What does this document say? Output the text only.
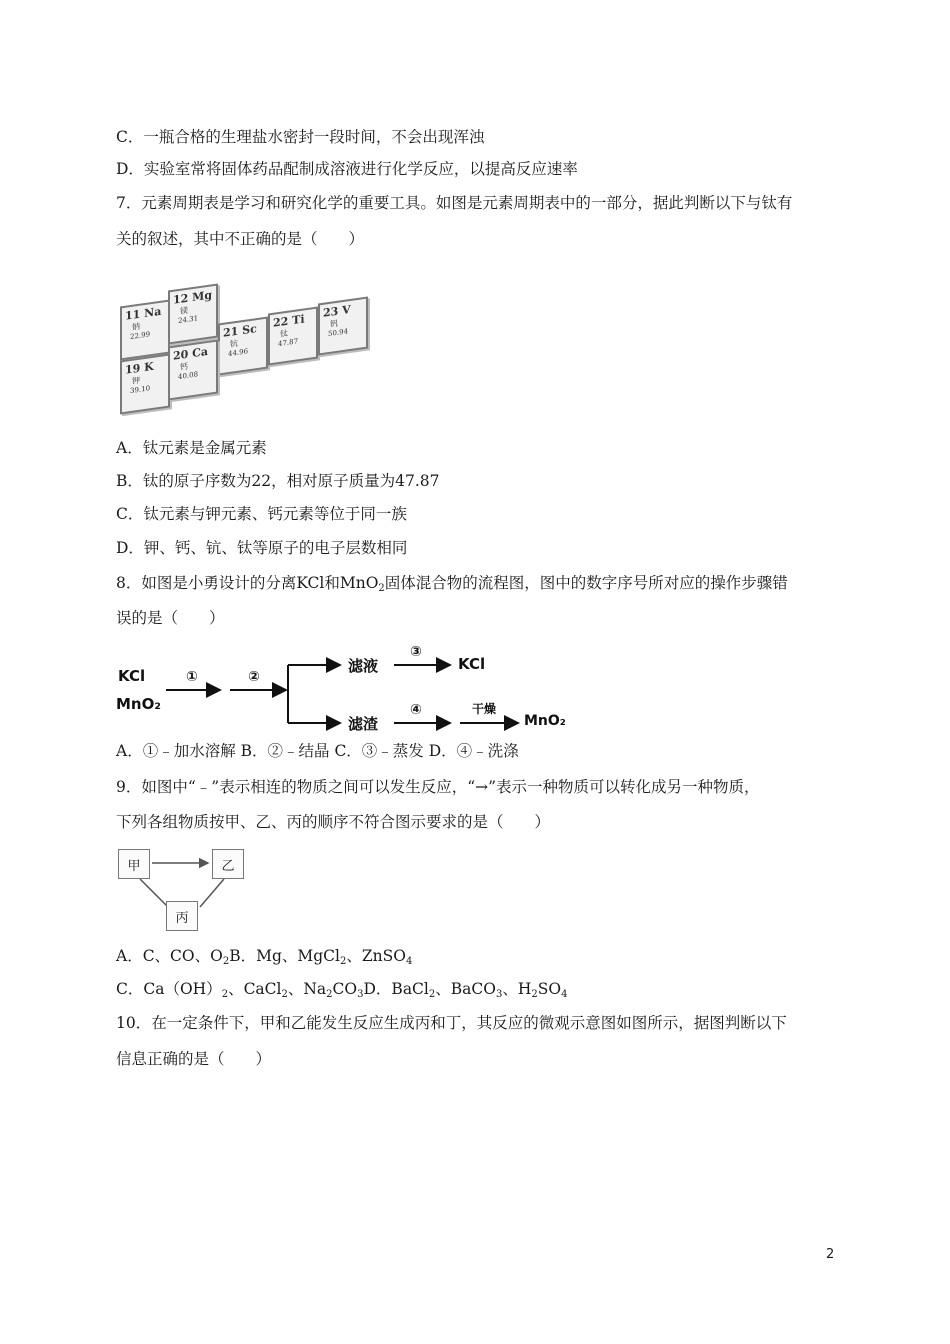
C．一瓶合格的生理盐水密封一段时间，不会出现浑浊
D．实验室常将固体药品配制成溶液进行化学反应，以提高反应速率
7．元素周期表是学习和研究化学的重要工具。如图是元素周期表中的一部分，据此判断以下与钛有
关的叙述，其中不正确的是（　　）
11 Na
钠
22.99
12 Mg
镁
24.31
21 Sc
钪
44.96
22 Ti
钛
47.87
23 V
钒
50.94
19 K
钾
39.10
20 Ca
钙
40.08
A．钛元素是金属元素
B．钛的原子序数为22，相对原子质量为47.87
C．钛元素与钾元素、钙元素等位于同一族
D．钾、钙、钪、钛等原子的电子层数相同
8．如图是小勇设计的分离KCl和MnO$_2$固体混合物的流程图，图中的数字序号所对应的操作步骤错
误的是（　　）
KCl
MnO₂
①	②
滤液
滤渣
③
④
KCl
干燥
MnO₂
A．①﹣加水溶解 B．②﹣结晶 C．③﹣蒸发 D．④﹣洗涤
9．如图中“﹣”表示相连的物质之间可以发生反应，“→”表示一种物质可以转化成另一种物质，
下列各组物质按甲、乙、丙的顺序不符合图示要求的是（　　）
甲	乙
丙
A．C、CO、$O_2B$．Mg、MgCl$_2$、ZnSO$_4$
C．$Ca(OH)_2$、CaCl$_2$、$Na_2CO_3D$．BaCl$_2$、BaCO$_3$、$H_2SO_4$
10．在一定条件下，甲和乙能发生反应生成丙和丁，其反应的微观示意图如图所示，据图判断以下
信息正确的是（　　）
2
